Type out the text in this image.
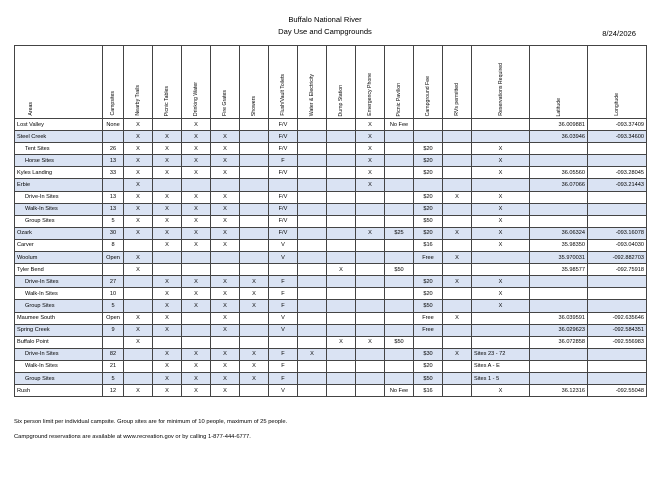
Buffalo National River
Day Use and Campgrounds	8/24/2026
Areas	Campsites	Nearby Trails	Picnic Tables	Drinking Water	Fire Grates	Showers	Flush/Vault Toilets	Water & Electricity	Dump Station	Emergency Phone	Picnic Pavilion	Campground Fee	RVs permitted	Reservations Required	Latitude	Longitude

Lost Valley	None	X		X			F/V			X	No Fee				36.009881	-093.37409
Steel Creek		X	X	X	X		F/V			X					36.03946	-093.34600
Tent Sites	26	X	X	X	X		F/V			X		$20		X		
Horse Sites	13	X	X	X	X		F			X		$20		X		
Kyles Landing	33	X	X	X	X		F/V			X		$20		X	36.05560	-093.28045
Erbie		X								X					36.07066	-093.21443
Drive-In Sites	13	X	X	X	X		F/V					$20	X	X		
Walk-In Sites	13	X	X	X	X		F/V					$20		X		
Group Sites	5	X	X	X	X		F/V					$50		X		
Ozark	30	X	X	X	X		F/V			X	$25	$20	X	X	36.06324	-093.16078
Carver	8		X	X	X		V					$16		X	35.98350	-093.04030
Woolum	Open	X					V					Free	X		35.970031	-092.882703
Tyler Bend		X							X		$50				35.98577	-092.75918
Drive-In Sites	27		X	X	X	X	F					$20	X	X		
Walk-In Sites	10		X	X	X	X	F					$20		X		
Group Sites	5		X	X	X	X	F					$50		X		
Maumee South	Open	X	X		X		V					Free	X		36.039591	-092.635646
Spring Creek	9	X	X		X		V					Free			36.029623	-092.584351
Buffalo Point		X							X	X	$50				36.072858	-092.556983
Drive-In Sites	82		X	X	X	X	F	X				$30	X	Sites 23 - 72		
Walk-In Sites	21		X	X	X	X	F					$20		Sites A - E		
Group Sites	5		X	X	X	X	F					$50		Sites 1 - 5		
Rush	12	X	X	X	X		V				No Fee	$16		X	36.12316	-092.55048
Six person limit per individual campsite. Group sites are for minimum of 10 people, maximum of 25 people.
Campground reservations are available at www.recreation.gov or by calling 1-877-444-6777.
